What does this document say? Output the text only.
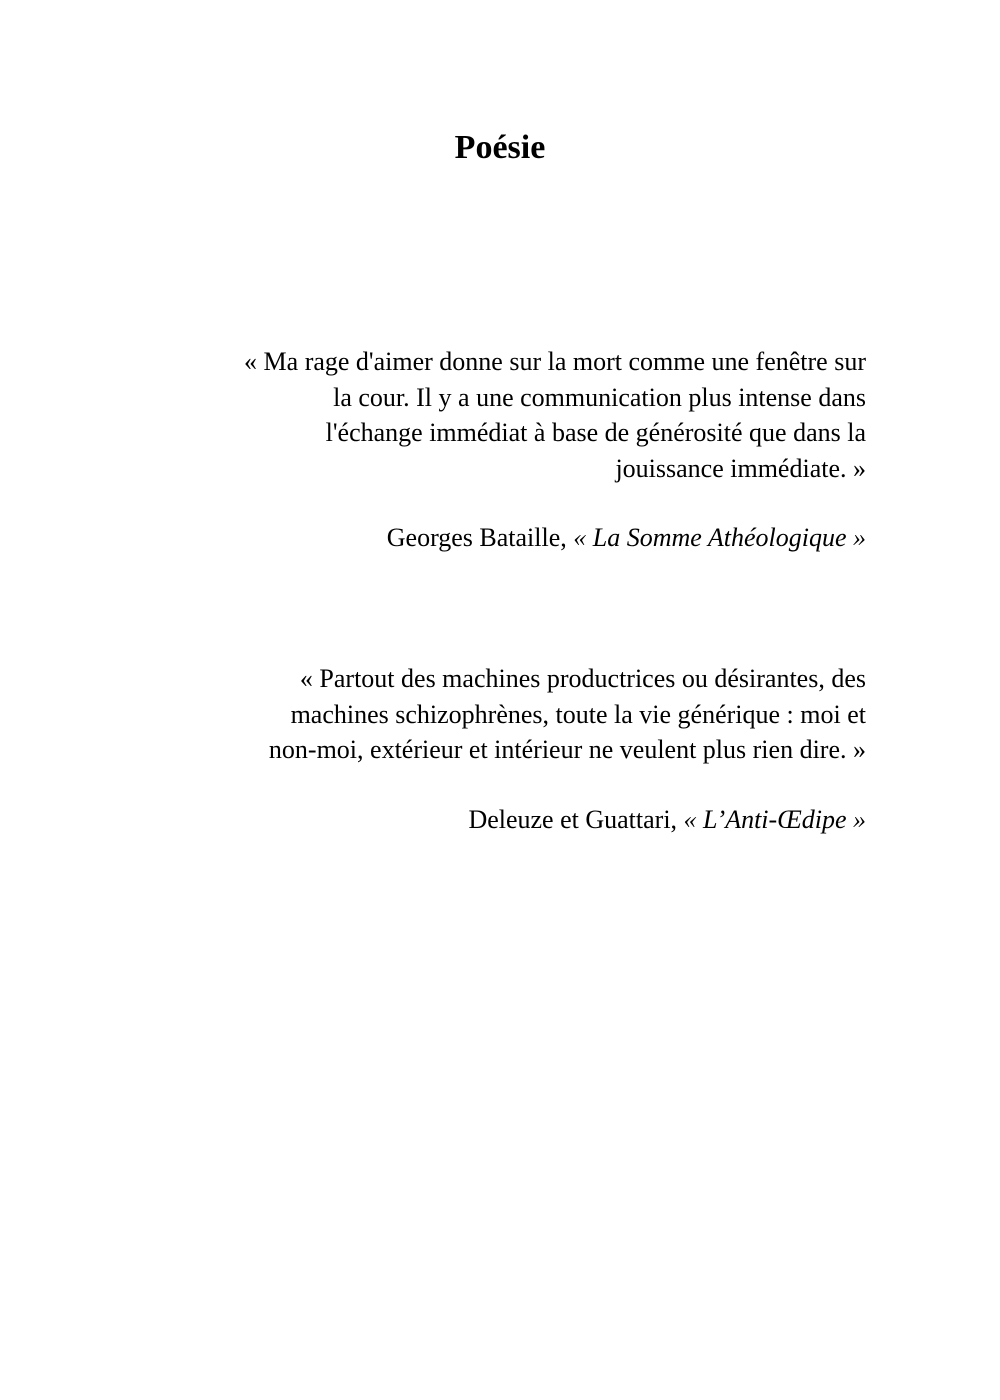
Poésie
« Ma rage d'aimer donne sur la mort comme une fenêtre sur
la cour. Il y a une communication plus intense dans
l'échange immédiat à base de générosité que dans la
jouissance immédiate. »
Georges Bataille, « La Somme Athéologique »
« Partout des machines productrices ou désirantes, des
machines schizophrènes, toute la vie générique : moi et
non-moi, extérieur et intérieur ne veulent plus rien dire. »
Deleuze et Guattari, « L’Anti-Œdipe »
